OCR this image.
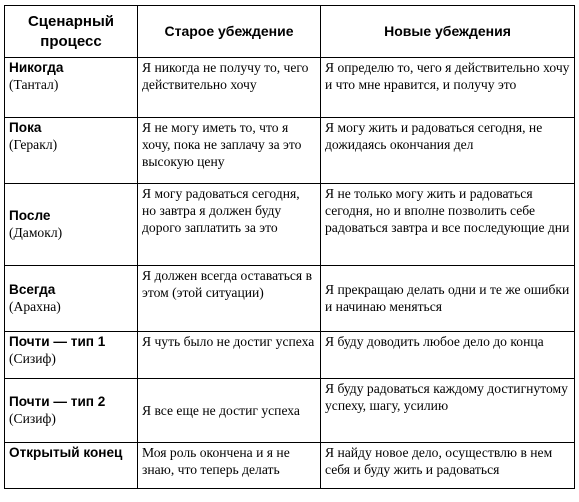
Сценарный процесс	Старое убеждение	Новые убеждения

Никогда
(Тантал)	Я никогда не получу то, чего действительно хочу	Я определю то, чего я действительно хочу и что мне нравится, и получу это

Пока
(Геракл)	Я не могу иметь то, что я хочу, пока не заплачу за это высокую цену	Я могу жить и радоваться сегодня, не дожидаясь окончания дел

После
(Дамокл)	Я могу радоваться сегодня, но завтра я должен буду дорого заплатить за это	Я не только могу жить и радоваться сегодня, но и вполне позволить себе радоваться завтра и все последующие дни

Всегда
(Арахна)	Я должен всегда оставаться в этом (этой ситуации)	Я прекращаю делать одни и те же ошибки и начинаю меняться

Почти — тип 1
(Сизиф)	Я чуть было не достиг успеха	Я буду доводить любое дело до конца

Почти — тип 2
(Сизиф)	Я все еще не достиг успеха	Я буду радоваться каждому достигнутому успеху, шагу, усилию

Открытый конец	Моя роль окончена и я не знаю, что теперь делать	Я найду новое дело, осуществлю в нем себя и буду жить и радоваться
